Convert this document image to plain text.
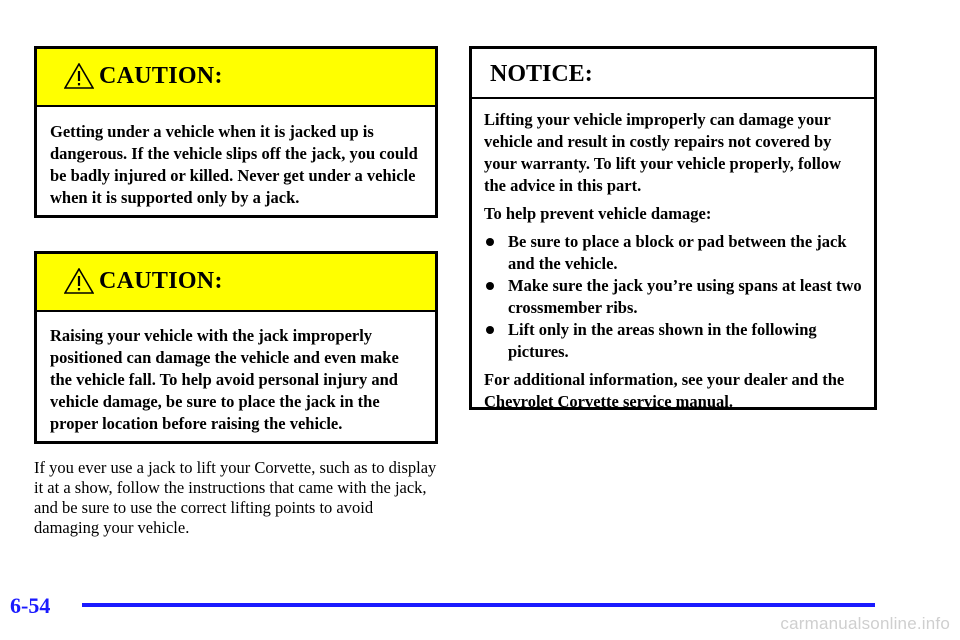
CAUTION:
Getting under a vehicle when it is jacked up is dangerous. If the vehicle slips off the jack, you could be badly injured or killed. Never get under a vehicle when it is supported only by a jack.
CAUTION:
Raising your vehicle with the jack improperly positioned can damage the vehicle and even make the vehicle fall. To help avoid personal injury and vehicle damage, be sure to place the jack in the proper location before raising the vehicle.
If you ever use a jack to lift your Corvette, such as to display it at a show, follow the instructions that came with the jack, and be sure to use the correct lifting points to avoid damaging your vehicle.
NOTICE:

Lifting your vehicle improperly can damage your vehicle and result in costly repairs not covered by your warranty. To lift your vehicle properly, follow the advice in this part.

To help prevent vehicle damage:

Be sure to place a block or pad between the jack and the vehicle.
Make sure the jack you’re using spans at least two crossmember ribs.
Lift only in the areas shown in the following pictures.

For additional information, see your dealer and the Chevrolet Corvette service manual.

6-54
carmanualsonline.info
